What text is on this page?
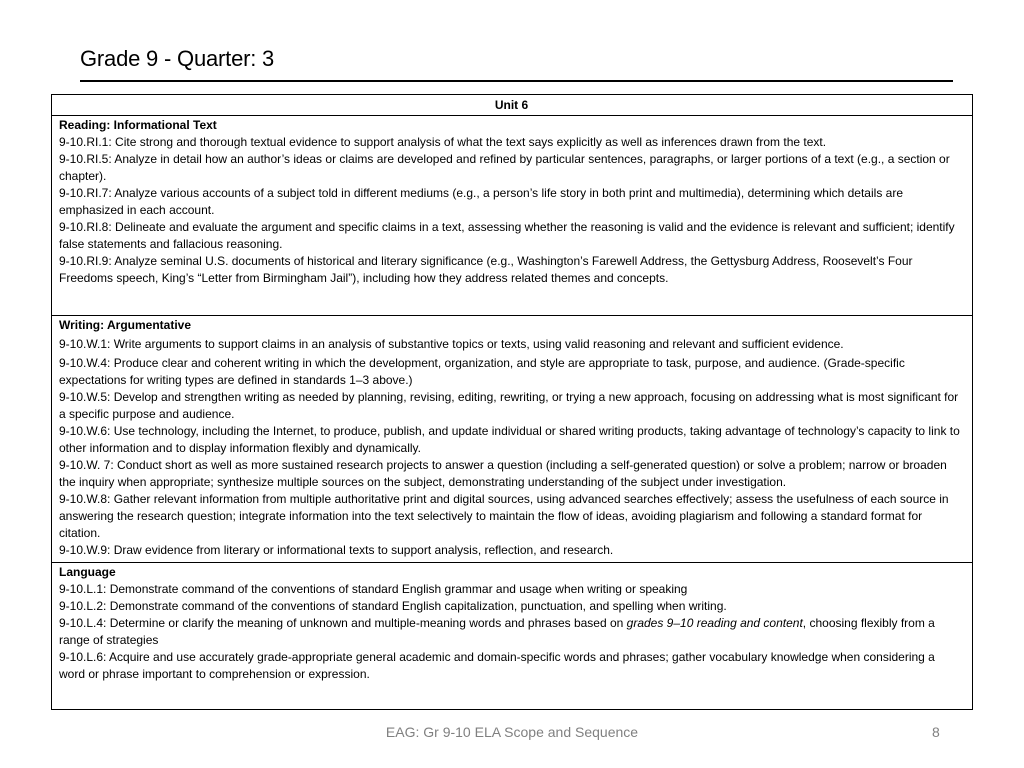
Grade 9 - Quarter: 3
Unit 6
Reading: Informational Text
9-10.RI.1: Cite strong and thorough textual evidence to support analysis of what the text says explicitly as well as inferences drawn from the text.
9-10.RI.5: Analyze in detail how an author’s ideas or claims are developed and refined by particular sentences, paragraphs, or larger portions of a text (e.g., a section or chapter).
9-10.RI.7: Analyze various accounts of a subject told in different mediums (e.g., a person’s life story in both print and multimedia), determining which details are emphasized in each account.
9-10.RI.8: Delineate and evaluate the argument and specific claims in a text, assessing whether the reasoning is valid and the evidence is relevant and sufficient; identify false statements and fallacious reasoning.
9-10.RI.9: Analyze seminal U.S. documents of historical and literary significance (e.g., Washington’s Farewell Address, the Gettysburg Address, Roosevelt’s Four Freedoms speech, King’s “Letter from Birmingham Jail”), including how they address related themes and concepts.
Writing: Argumentative
9-10.W.1: Write arguments to support claims in an analysis of substantive topics or texts, using valid reasoning and relevant and sufficient evidence.
9-10.W.4: Produce clear and coherent writing in which the development, organization, and style are appropriate to task, purpose, and audience. (Grade-specific expectations for writing types are defined in standards 1–3 above.)
9-10.W.5: Develop and strengthen writing as needed by planning, revising, editing, rewriting, or trying a new approach, focusing on addressing what is most significant for a specific purpose and audience.
9-10.W.6: Use technology, including the Internet, to produce, publish, and update individual or shared writing products, taking advantage of technology’s capacity to link to other information and to display information flexibly and dynamically.
9-10.W. 7: Conduct short as well as more sustained research projects to answer a question (including a self-generated question) or solve a problem; narrow or broaden the inquiry when appropriate; synthesize multiple sources on the subject, demonstrating understanding of the subject under investigation.
9-10.W.8: Gather relevant information from multiple authoritative print and digital sources, using advanced searches effectively; assess the usefulness of each source in answering the research question; integrate information into the text selectively to maintain the flow of ideas, avoiding plagiarism and following a standard format for citation.
9-10.W.9: Draw evidence from literary or informational texts to support analysis, reflection, and research.
Language
9-10.L.1: Demonstrate command of the conventions of standard English grammar and usage when writing or speaking
9-10.L.2: Demonstrate command of the conventions of standard English capitalization, punctuation, and spelling when writing.
9-10.L.4: Determine or clarify the meaning of unknown and multiple-meaning words and phrases based on grades 9–10 reading and content, choosing flexibly from a range of strategies
9-10.L.6: Acquire and use accurately grade-appropriate general academic and domain-specific words and phrases; gather vocabulary knowledge when considering a word or phrase important to comprehension or expression.
EAG: Gr 9-10 ELA Scope and Sequence	8
